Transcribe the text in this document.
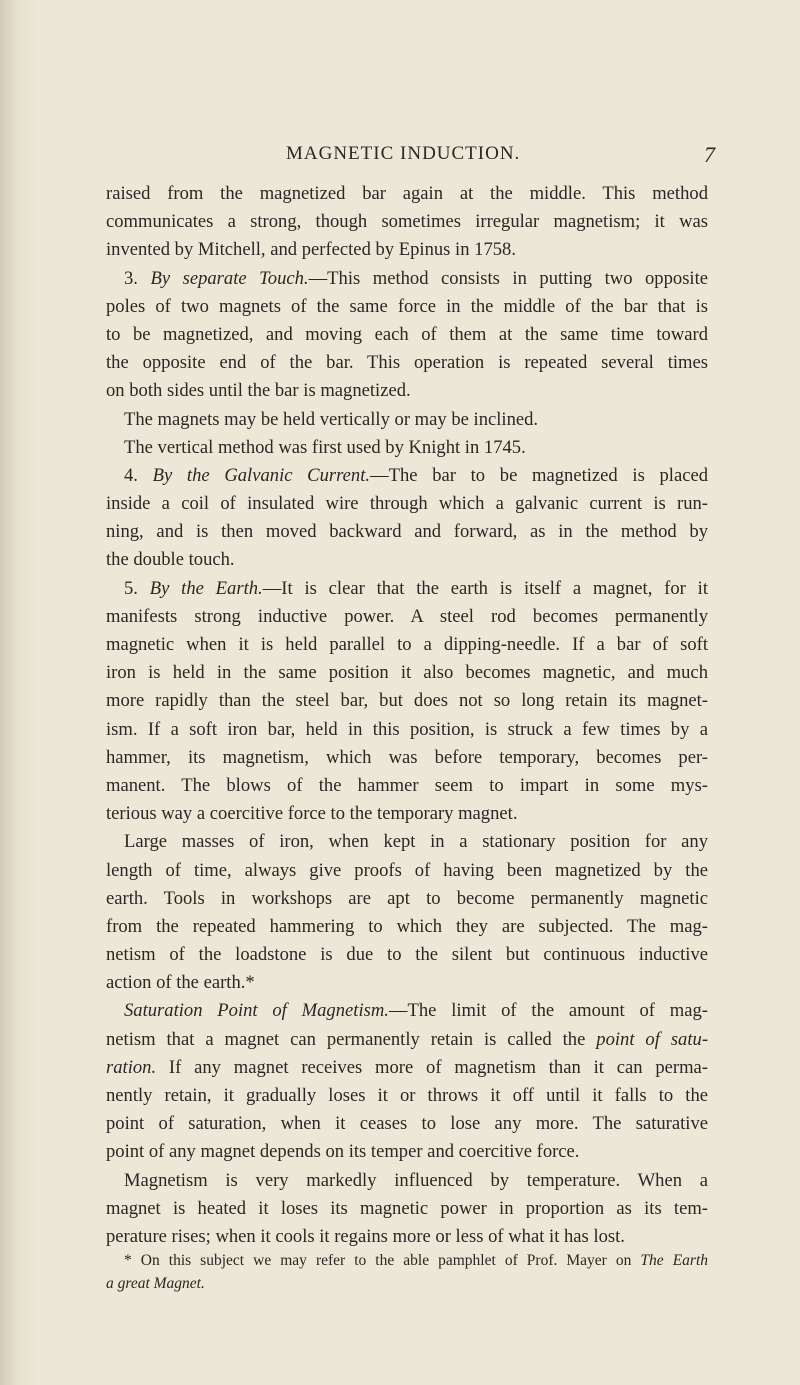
MAGNETIC INDUCTION.	7
raised from the magnetized bar again at the middle. This method
communicates a strong, though sometimes irregular magnetism; it was
invented by Mitchell, and perfected by Epinus in 1758.
3. By separate Touch.—This method consists in putting two opposite
poles of two magnets of the same force in the middle of the bar that is
to be magnetized, and moving each of them at the same time toward
the opposite end of the bar. This operation is repeated several times
on both sides until the bar is magnetized.
The magnets may be held vertically or may be inclined.
The vertical method was first used by Knight in 1745.
4. By the Galvanic Current.—The bar to be magnetized is placed
inside a coil of insulated wire through which a galvanic current is run-
ning, and is then moved backward and forward, as in the method by
the double touch.
5. By the Earth.—It is clear that the earth is itself a magnet, for it
manifests strong inductive power. A steel rod becomes permanently
magnetic when it is held parallel to a dipping-needle. If a bar of soft
iron is held in the same position it also becomes magnetic, and much
more rapidly than the steel bar, but does not so long retain its magnet-
ism. If a soft iron bar, held in this position, is struck a few times by a
hammer, its magnetism, which was before temporary, becomes per-
manent. The blows of the hammer seem to impart in some mys-
terious way a coercitive force to the temporary magnet.
Large masses of iron, when kept in a stationary position for any
length of time, always give proofs of having been magnetized by the
earth. Tools in workshops are apt to become permanently magnetic
from the repeated hammering to which they are subjected. The mag-
netism of the loadstone is due to the silent but continuous inductive
action of the earth.*
Saturation Point of Magnetism.—The limit of the amount of mag-
netism that a magnet can permanently retain is called the point of satu-
ration. If any magnet receives more of magnetism than it can perma-
nently retain, it gradually loses it or throws it off until it falls to the
point of saturation, when it ceases to lose any more. The saturative
point of any magnet depends on its temper and coercitive force.
Magnetism is very markedly influenced by temperature. When a
magnet is heated it loses its magnetic power in proportion as its tem-
perature rises; when it cools it regains more or less of what it has lost.
* On this subject we may refer to the able pamphlet of Prof. Mayer on The Earth
a great Magnet.
